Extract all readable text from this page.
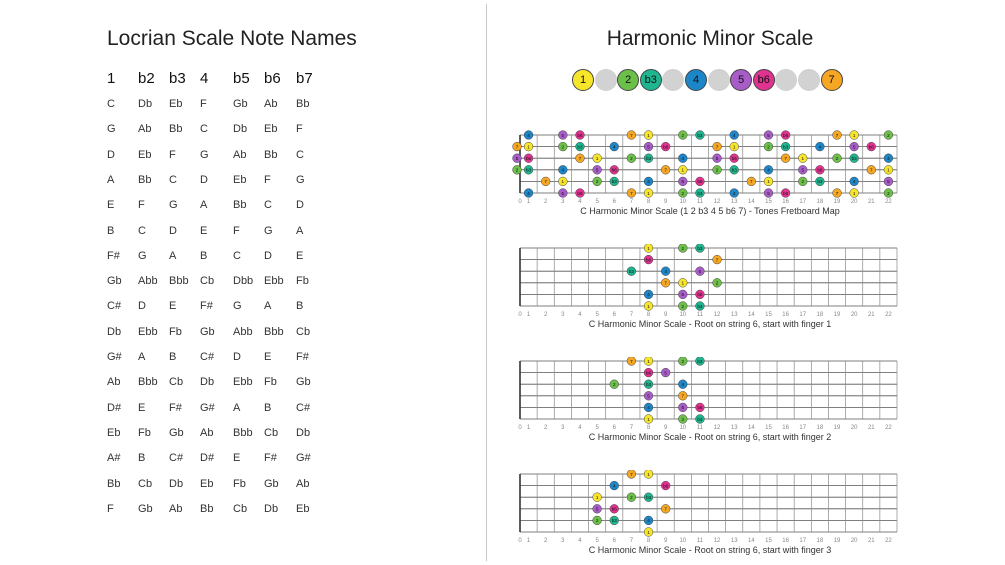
Locrian Scale Note Names
1 b2 b3 4 b5 b6 b7
C Db Eb F Gb Ab Bb
G Ab Bb C Db Eb F
D Eb F G Ab Bb C
A Bb C D Eb F G
E F G A Bb C D
B C D E F G A
F# G A B C D E
Gb Abb Bbb Cb Dbb Ebb Fb
C# D E F# G A B
Db Ebb Fb Gb Abb Bbb Cb
G# A B C# D E F#
Ab Bbb Cb Db Ebb Fb Gb
D# E F# G# A B C#
Eb Fb Gb Ab Bbb Cb Db
A# B C# D# E F# G#
Bb Cb Db Eb Fb Gb Ab
F Gb Ab Bb Cb Db Eb
Harmonic Minor Scale
1	2	b3	4	5	b6	7
0 1 2 3 4 5 6 7 8 9 10 11 12 13 14 15 16 17 18 19 20 21 22
4	5	b6	7	1	2	b3	4	5	b6	7	1	2
7 1	2	b3	4	5	b6	7	1	2	b3	4	5	b6
5 b6	7	1	2	b3	4	5	b6	7	1	2	b3	4
2 b3	4	5	b6	7	1	2	b3	4	5	b6	7	1
7	1	2	b3	4	5	b6	7	1	2	b3	4	5
4	5	b6	7	1	2	b3	4	5	b6	7	1	2
C Harmonic Minor Scale (1 2 b3 4 5 b6 7) - Tones Fretboard Map
0 1 2 3 4 5 6 7 8 9 10 11 12 13 14 15 16 17 18 19 20 21 22
1	2	b3
b6	7
b3	4	5
7	1	2
4	5	b6
1	2	b3
C Harmonic Minor Scale - Root on string 6, start with finger 1
0 1 2 3 4 5 6 7 8 9 10 11 12 13 14 15 16 17 18 19 20 21 22
7	1	2	b3
b6	5
2	b3	4
5	7
4	5	b6
1	2	b3
C Harmonic Minor Scale - Root on string 6, start with finger 2
0 1 2 3 4 5 6 7 8 9 10 11 12 13 14 15 16 17 18 19 20 21 22
7	1
4	b6
1	2	b3
5	b6	7
2	b3	4
1
C Harmonic Minor Scale - Root on string 6, start with finger 3
